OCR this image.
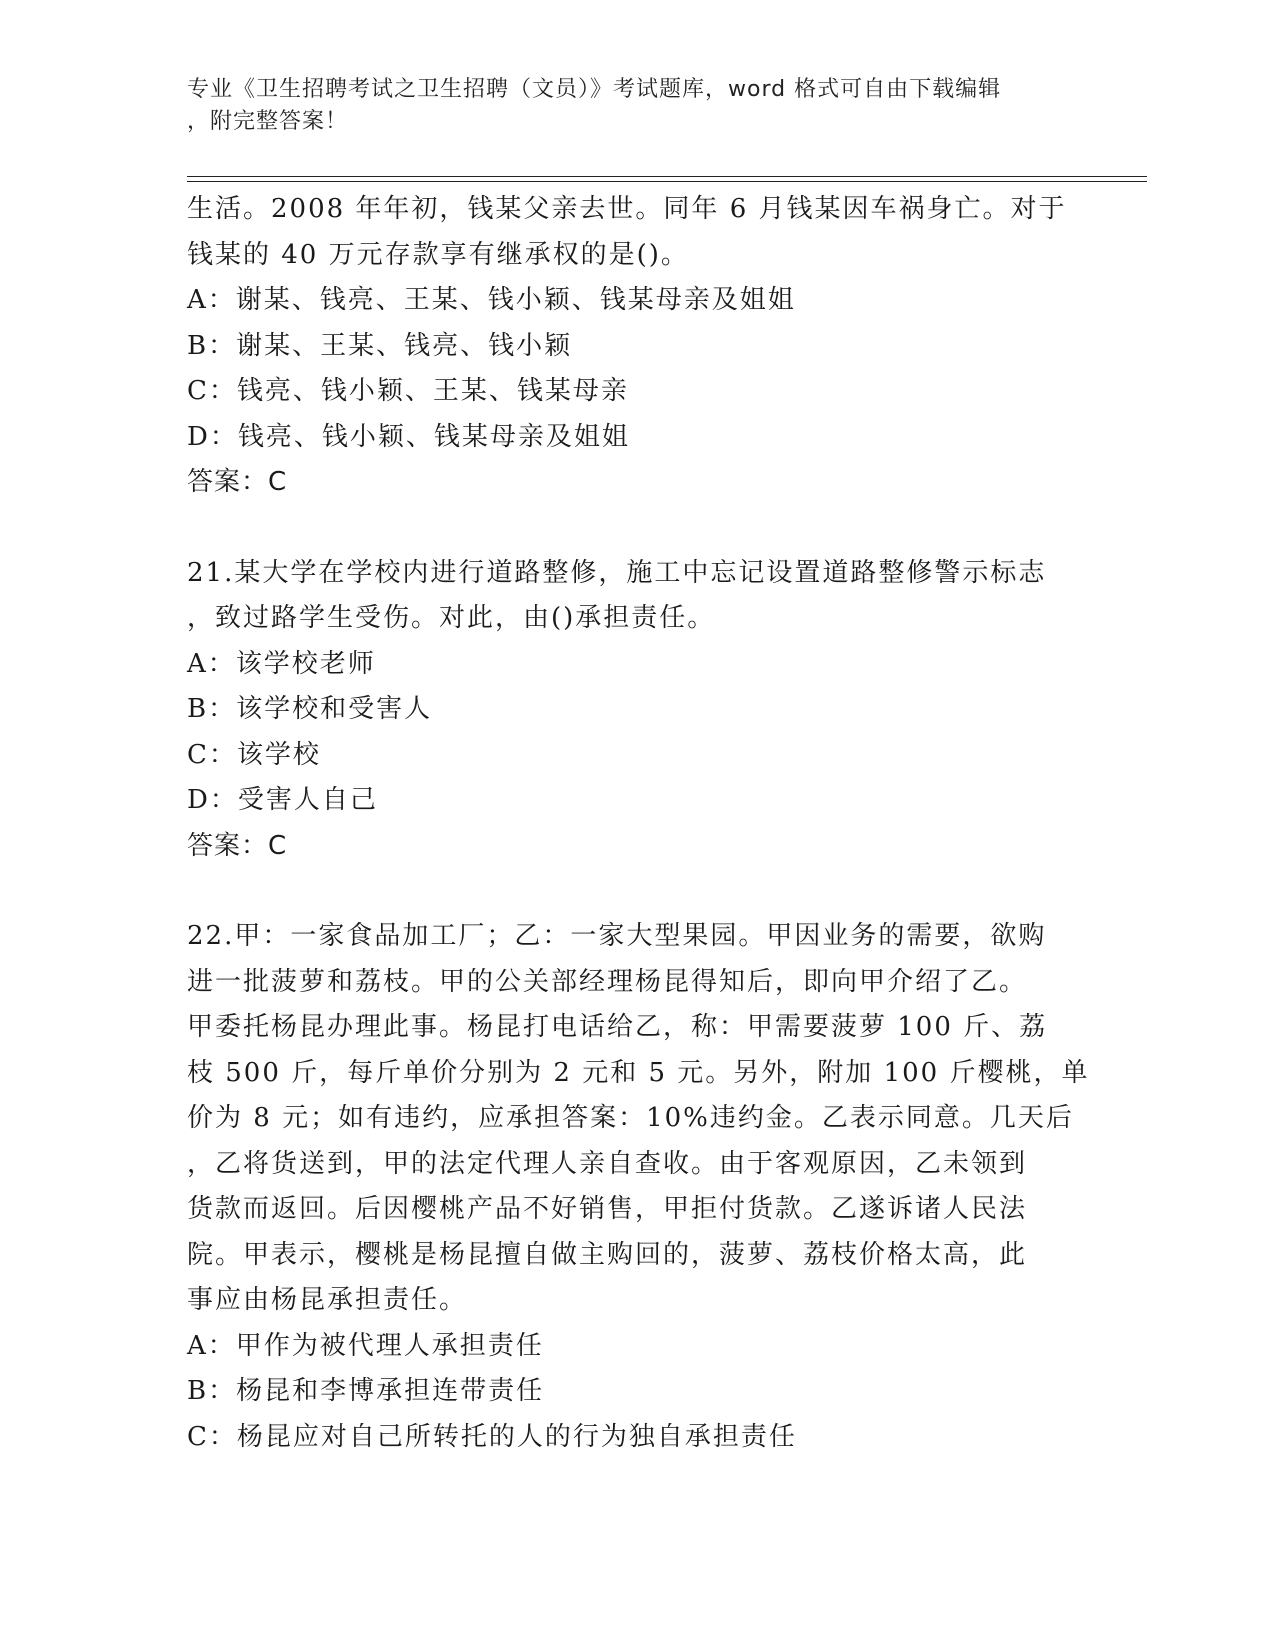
专业《卫生招聘考试之卫生招聘（文员）》考试题库，word 格式可自由下载编辑
，附完整答案！
生活。2008 年年初，钱某父亲去世。同年 6 月钱某因车祸身亡。对于
钱某的 40 万元存款享有继承权的是()。
A：谢某、钱亮、王某、钱小颖、钱某母亲及姐姐
B：谢某、王某、钱亮、钱小颖
C：钱亮、钱小颖、王某、钱某母亲
D：钱亮、钱小颖、钱某母亲及姐姐
答案：C
21.某大学在学校内进行道路整修，施工中忘记设置道路整修警示标志
，致过路学生受伤。对此，由()承担责任。
A：该学校老师
B：该学校和受害人
C：该学校
D：受害人自己
答案：C
22.甲：一家食品加工厂；乙：一家大型果园。甲因业务的需要，欲购
进一批菠萝和荔枝。甲的公关部经理杨昆得知后，即向甲介绍了乙。
甲委托杨昆办理此事。杨昆打电话给乙，称：甲需要菠萝 100 斤、荔
枝 500 斤，每斤单价分别为 2 元和 5 元。另外，附加 100 斤樱桃，单
价为 8 元；如有违约，应承担答案：10%违约金。乙表示同意。几天后
，乙将货送到，甲的法定代理人亲自查收。由于客观原因，乙未领到
货款而返回。后因樱桃产品不好销售，甲拒付货款。乙遂诉诸人民法
院。甲表示，樱桃是杨昆擅自做主购回的，菠萝、荔枝价格太高，此
事应由杨昆承担责任。
A：甲作为被代理人承担责任
B：杨昆和李博承担连带责任
C：杨昆应对自己所转托的人的行为独自承担责任
